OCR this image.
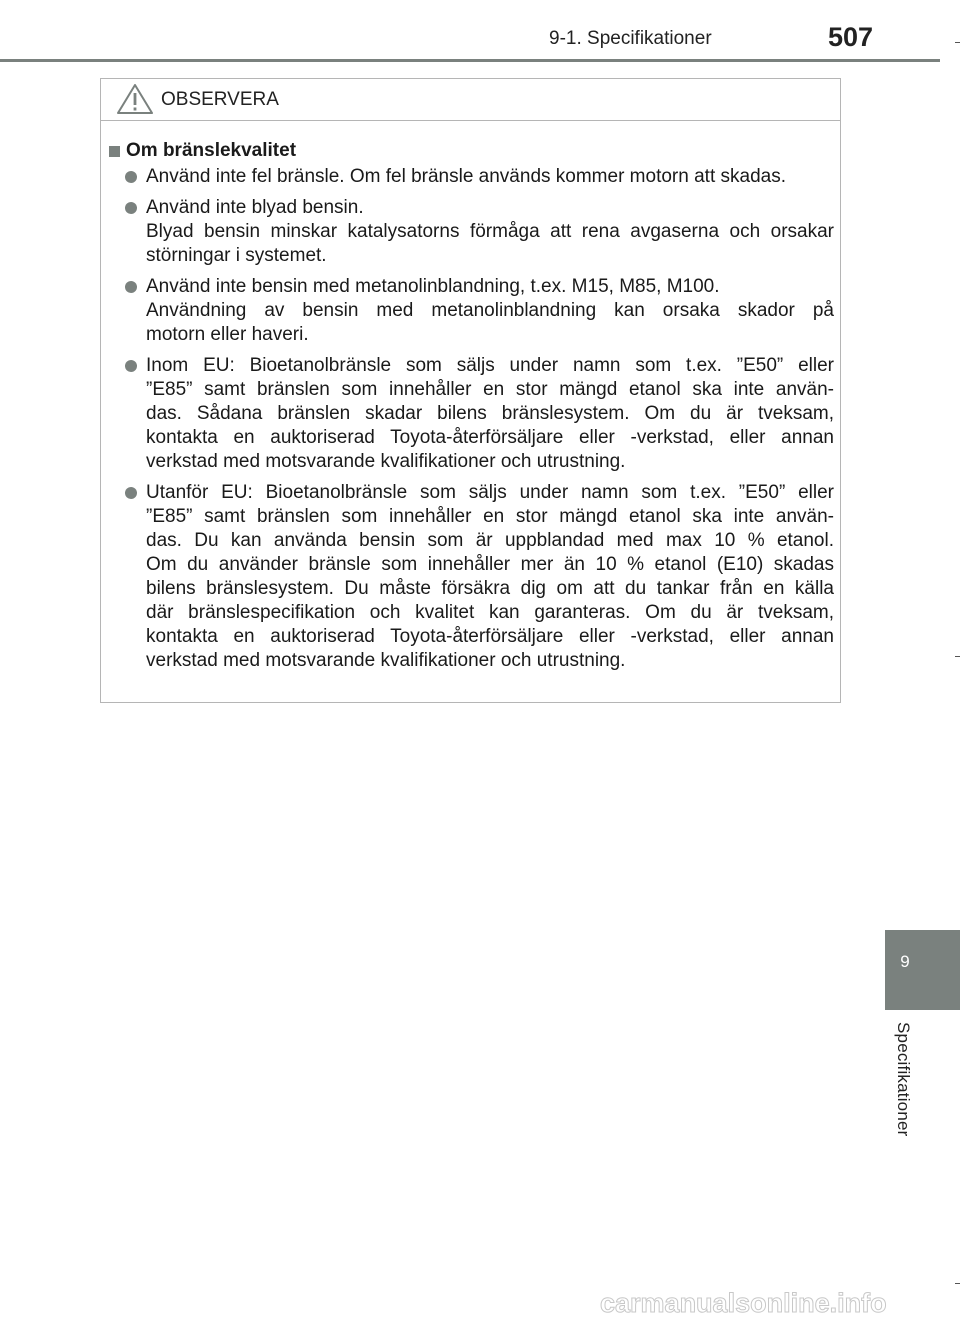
9-1. Specifikationer	507
9
Specifikationer
OBSERVERA
Om bränslekvalitet
Använd inte fel bränsle. Om fel bränsle används kommer motorn att skadas.
Använd inte blyad bensin.
Blyad bensin minskar katalysatorns förmåga att rena avgaserna och orsakar
störningar i systemet.
Använd inte bensin med metanolinblandning, t.ex. M15, M85, M100.
Användning av bensin med metanolinblandning kan orsaka skador på
motorn eller haveri.
Inom EU: Bioetanolbränsle som säljs under namn som t.ex. ”E50” eller
”E85” samt bränslen som innehåller en stor mängd etanol ska inte använ-
das. Sådana bränslen skadar bilens bränslesystem. Om du är tveksam,
kontakta en auktoriserad Toyota-återförsäljare eller -verkstad, eller annan
verkstad med motsvarande kvalifikationer och utrustning.
Utanför EU: Bioetanolbränsle som säljs under namn som t.ex. ”E50” eller
”E85” samt bränslen som innehåller en stor mängd etanol ska inte använ-
das. Du kan använda bensin som är uppblandad med max 10 % etanol.
Om du använder bränsle som innehåller mer än 10 % etanol (E10) skadas
bilens bränslesystem. Du måste försäkra dig om att du tankar från en källa
där bränslespecifikation och kvalitet kan garanteras. Om du är tveksam,
kontakta en auktoriserad Toyota-återförsäljare eller -verkstad, eller annan
verkstad med motsvarande kvalifikationer och utrustning.
carmanualsonline.info
